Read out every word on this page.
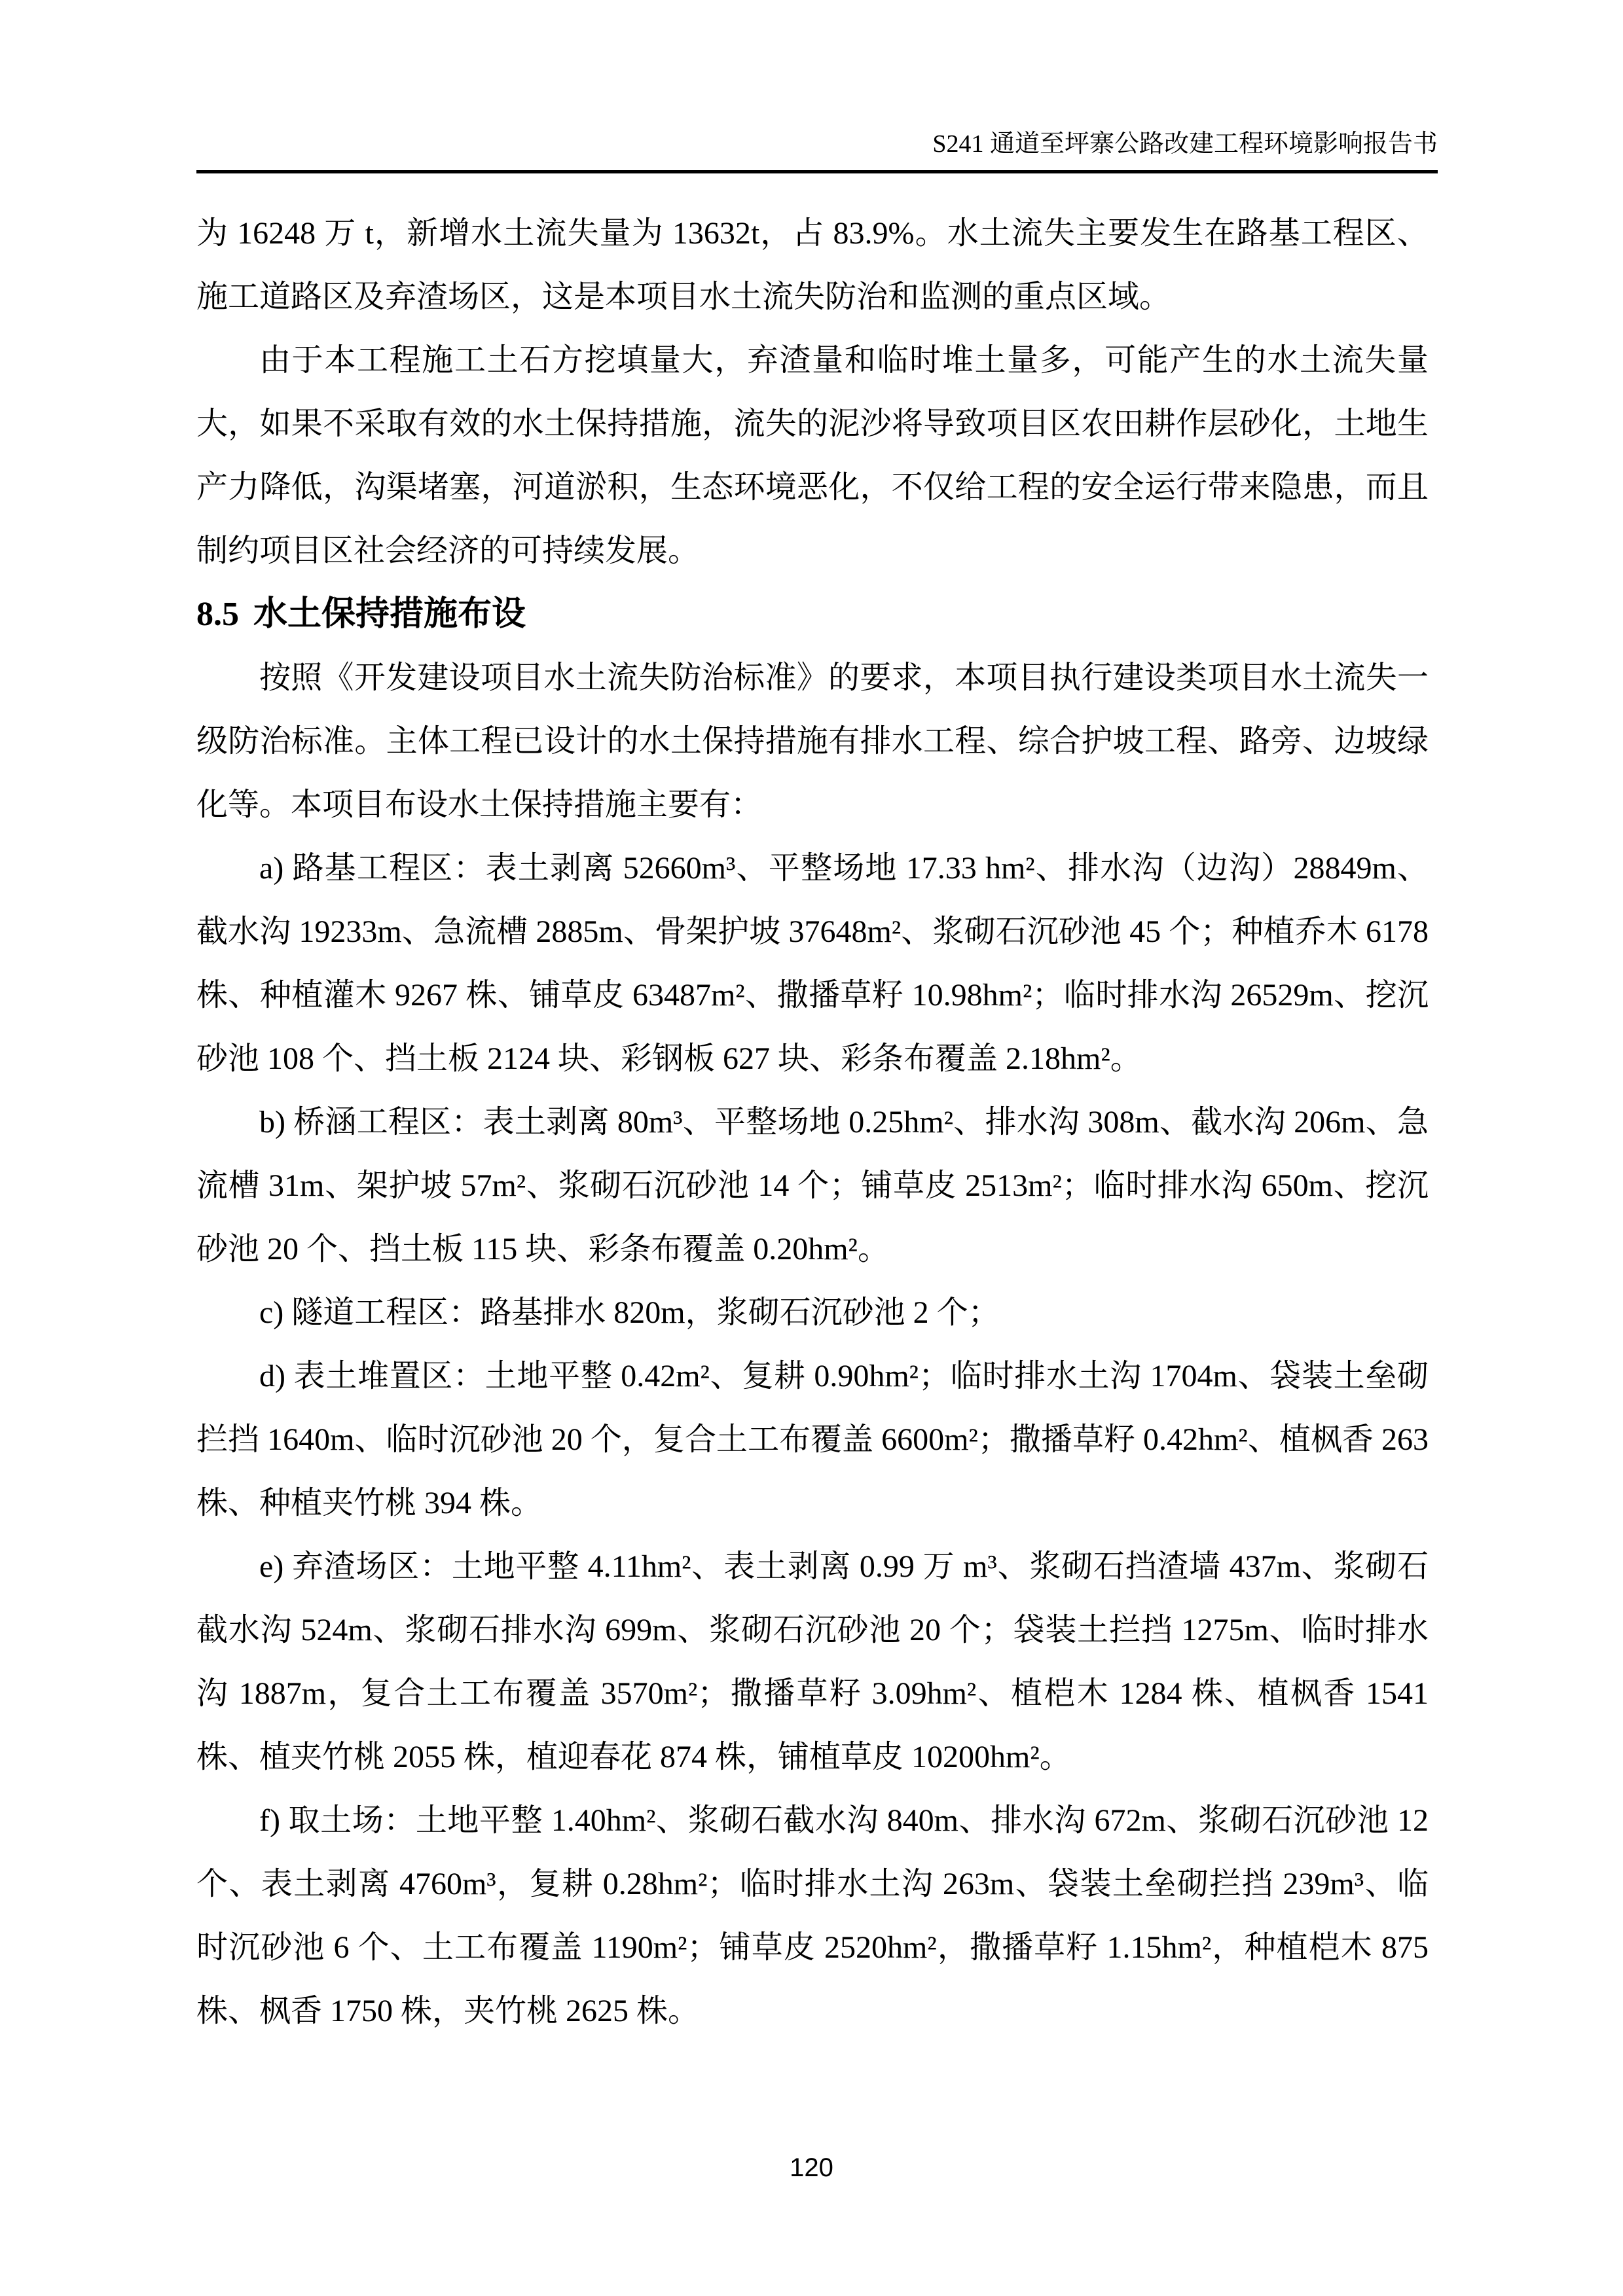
S241 通道至坪寨公路改建工程环境影响报告书

为 16248 万 t，新增水土流失量为 13632t，占 83.9%。水土流失主要发生在路基工程区、施工道路区及弃渣场区，这是本项目水土流失防治和监测的重点区域。

由于本工程施工土石方挖填量大，弃渣量和临时堆土量多，可能产生的水土流失量大，如果不采取有效的水土保持措施，流失的泥沙将导致项目区农田耕作层砂化，土地生产力降低，沟渠堵塞，河道淤积，生态环境恶化，不仅给工程的安全运行带来隐患，而且制约项目区社会经济的可持续发展。

8.5 水土保持措施布设

按照《开发建设项目水土流失防治标准》的要求，本项目执行建设类项目水土流失一级防治标准。主体工程已设计的水土保持措施有排水工程、综合护坡工程、路旁、边坡绿化等。本项目布设水土保持措施主要有：

a) 路基工程区：表土剥离 52660m³、平整场地 17.33 hm²、排水沟（边沟）28849m、截水沟 19233m、急流槽 2885m、骨架护坡 37648m²、浆砌石沉砂池 45 个；种植乔木 6178 株、种植灌木 9267 株、铺草皮 63487m²、撒播草籽 10.98hm²；临时排水沟 26529m、挖沉砂池 108 个、挡土板 2124 块、彩钢板 627 块、彩条布覆盖 2.18hm²。

b) 桥涵工程区：表土剥离 80m³、平整场地 0.25hm²、排水沟 308m、截水沟 206m、急流槽 31m、架护坡 57m²、浆砌石沉砂池 14 个；铺草皮 2513m²；临时排水沟 650m、挖沉砂池 20 个、挡土板 115 块、彩条布覆盖 0.20hm²。

c) 隧道工程区：路基排水 820m，浆砌石沉砂池 2 个；

d) 表土堆置区：土地平整 0.42m²、复耕 0.90hm²；临时排水土沟 1704m、袋装土垒砌拦挡 1640m、临时沉砂池 20 个，复合土工布覆盖 6600m²；撒播草籽 0.42hm²、植枫香 263 株、种植夹竹桃 394 株。

e) 弃渣场区：土地平整 4.11hm²、表土剥离 0.99 万 m³、浆砌石挡渣墙 437m、浆砌石截水沟 524m、浆砌石排水沟 699m、浆砌石沉砂池 20 个；袋装土拦挡 1275m、临时排水沟 1887m，复合土工布覆盖 3570m²；撒播草籽 3.09hm²、植桤木 1284 株、植枫香 1541 株、植夹竹桃 2055 株，植迎春花 874 株，铺植草皮 10200hm²。

f) 取土场：土地平整 1.40hm²、浆砌石截水沟 840m、排水沟 672m、浆砌石沉砂池 12 个、表土剥离 4760m³，复耕 0.28hm²；临时排水土沟 263m、袋装土垒砌拦挡 239m³、临时沉砂池 6 个、土工布覆盖 1190m²；铺草皮 2520hm²，撒播草籽 1.15hm²，种植桤木 875 株、枫香 1750 株，夹竹桃 2625 株。

120
